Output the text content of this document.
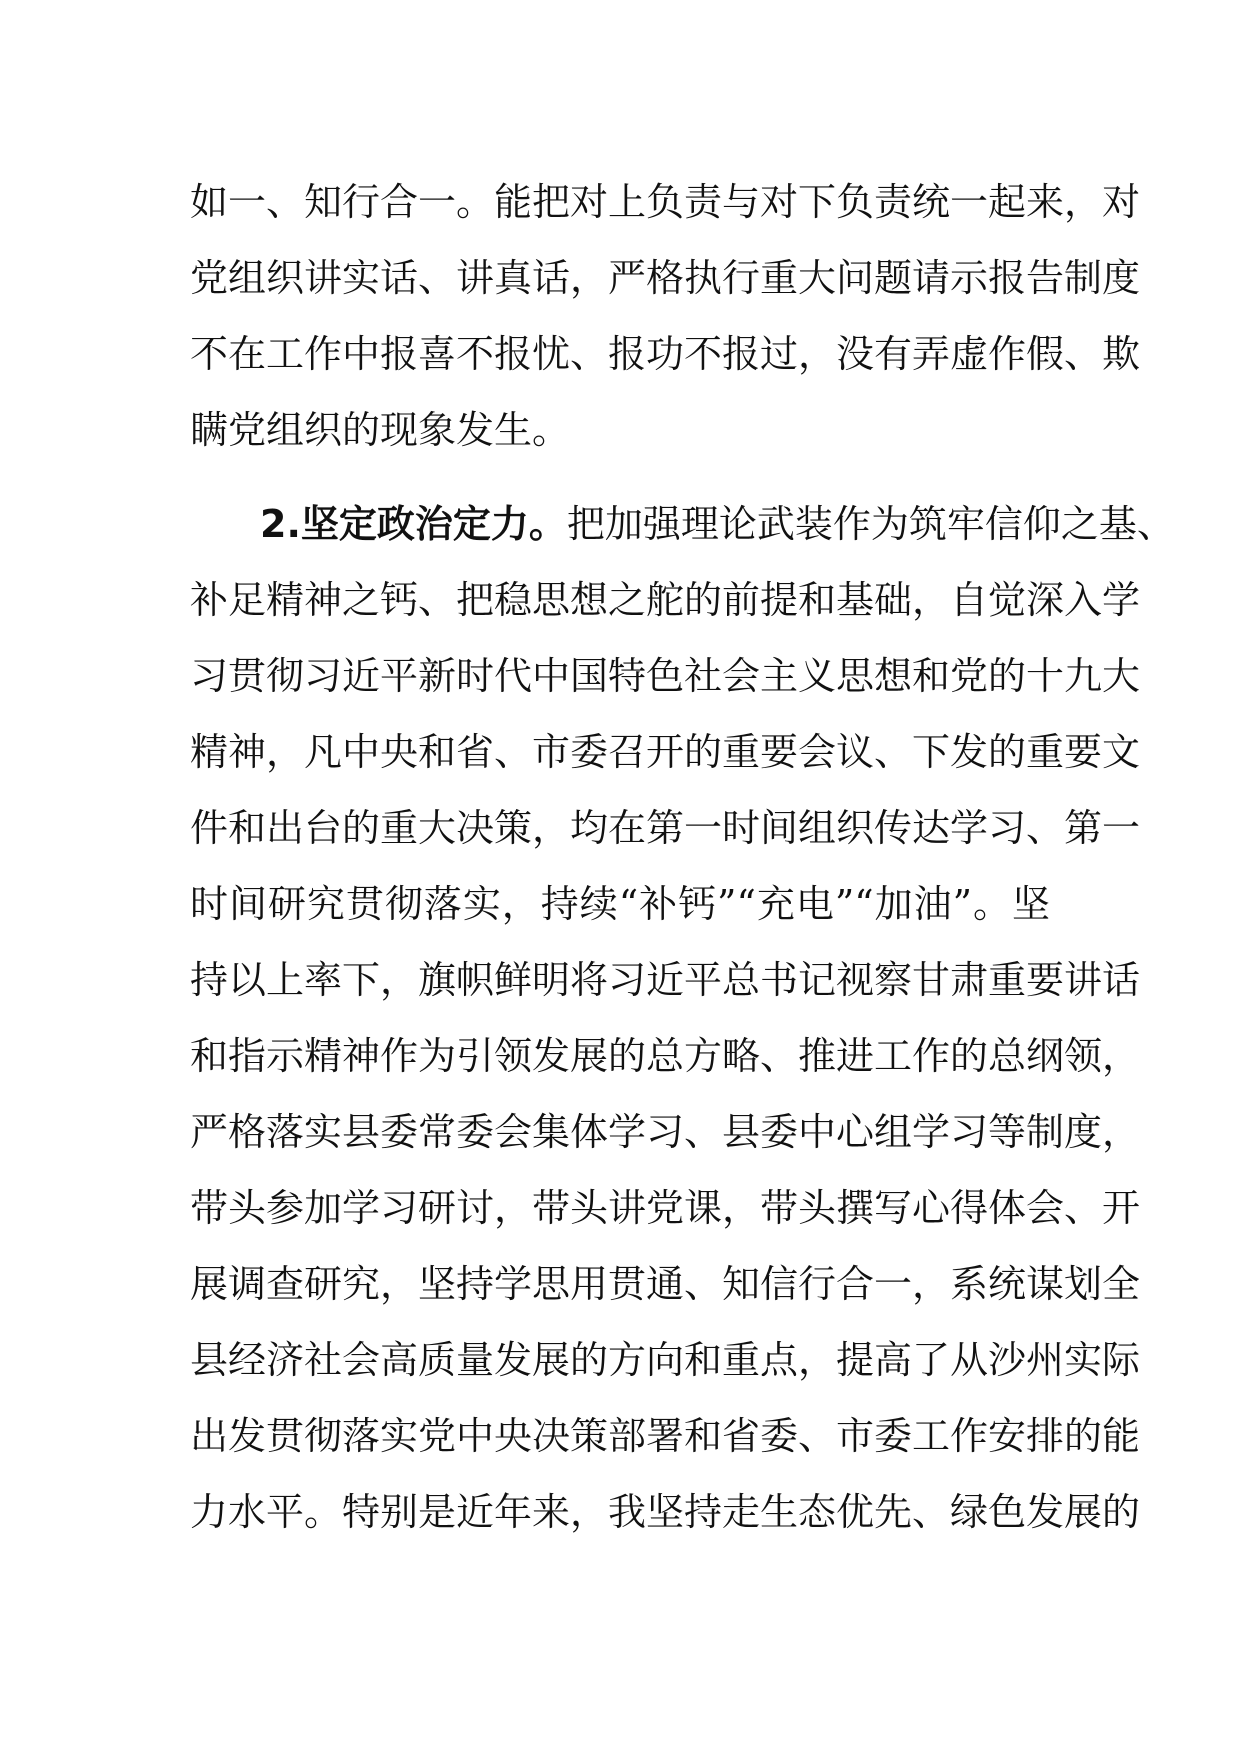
如一、知行合一。能把对上负责与对下负责统一起来，对
党组织讲实话、讲真话，严格执行重大问题请示报告制度
不在工作中报喜不报忧、报功不报过，没有弄虚作假、欺
瞒党组织的现象发生。
2.坚定政治定力。把加强理论武装作为筑牢信仰之基、
补足精神之钙、把稳思想之舵的前提和基础，自觉深入学
习贯彻习近平新时代中国特色社会主义思想和党的十九大
精神，凡中央和省、市委召开的重要会议、下发的重要文
件和出台的重大决策，均在第一时间组织传达学习、第一
时间研究贯彻落实，持续“补钙”“充电”“加油”。坚
持以上率下，旗帜鲜明将习近平总书记视察甘肃重要讲话
和指示精神作为引领发展的总方略、推进工作的总纲领，
严格落实县委常委会集体学习、县委中心组学习等制度，
带头参加学习研讨，带头讲党课，带头撰写心得体会、开
展调查研究，坚持学思用贯通、知信行合一，系统谋划全
县经济社会高质量发展的方向和重点，提高了从沙州实际
出发贯彻落实党中央决策部署和省委、市委工作安排的能
力水平。特别是近年来，我坚持走生态优先、绿色发展的
